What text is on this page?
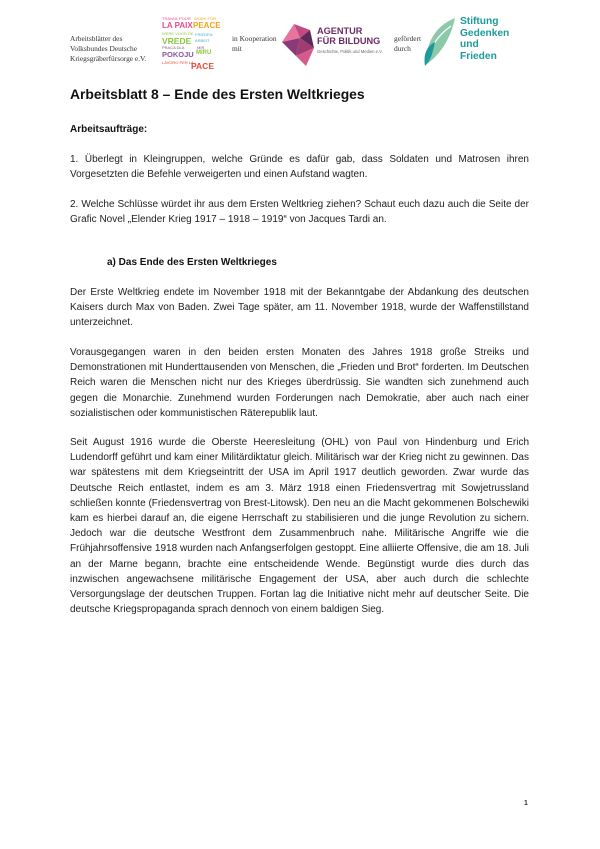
Arbeitsblätter des
Volksbundes Deutsche
Kriegsgräberfürsorge e.V.
TRAVAIL POUR
LA PAIX
WORK FOR
PEACE
WERK VOOR DE
VREDE
FRIEDEN
ARBEIT
PRACA DLA
POKOJU
MIR
MIRU
LAVORO PER LA
PACE
in Kooperation
mit
AGENTUR
FÜR BILDUNG
Geschichte, Politik und Medien e.V.
gefördert
durch
Stiftung
Gedenken
und
Frieden
Arbeitsblatt 8 – Ende des Ersten Weltkrieges

Arbeitsaufträge:

1. Überlegt in Kleingruppen, welche Gründe es dafür gab, dass Soldaten und Matrosen ihren Vorgesetzten die Befehle verweigerten und einen Aufstand wagten.

2. Welche Schlüsse würdet ihr aus dem Ersten Weltkrieg ziehen? Schaut euch dazu auch die Seite der Grafic Novel „Elender Krieg 1917 – 1918 – 1919“ von Jacques Tardi an.

a) Das Ende des Ersten Weltkrieges

Der Erste Weltkrieg endete im November 1918 mit der Bekanntgabe der Abdankung des deutschen Kaisers durch Max von Baden. Zwei Tage später, am 11. November 1918, wurde der Waffenstillstand unterzeichnet.

Vorausgegangen waren in den beiden ersten Monaten des Jahres 1918 große Streiks und Demonstrationen mit Hunderttausenden von Menschen, die „Frieden und Brot“ forderten. Im Deutschen Reich waren die Menschen nicht nur des Krieges überdrüssig. Sie wandten sich zunehmend auch gegen die Monarchie. Zunehmend wurden Forderungen nach Demokratie, aber auch nach einer sozialistischen oder kommunistischen Räterepublik laut.

Seit August 1916 wurde die Oberste Heeresleitung (OHL) von Paul von Hindenburg und Erich Ludendorff geführt und kam einer Militärdiktatur gleich. Militärisch war der Krieg nicht zu gewinnen. Das war spätestens mit dem Kriegseintritt der USA im April 1917 deutlich geworden. Zwar wurde das Deutsche Reich entlastet, indem es am 3. März 1918 einen Friedensvertrag mit Sowjetrussland schließen konnte (Friedensvertrag von Brest-Litowsk). Den neu an die Macht gekommenen Bolschewiki kam es hierbei darauf an, die eigene Herrschaft zu stabilisieren und die junge Revolution zu sichern. Jedoch war die deutsche Westfront dem Zusammenbruch nahe. Militärische Angriffe wie die Frühjahrsoffensive 1918 wurden nach Anfangserfolgen gestoppt. Eine alliierte Offensive, die am 18. Juli an der Marne begann, brachte eine entscheidende Wende. Begünstigt wurde dies durch das inzwischen angewachsene militärische Engagement der USA, aber auch durch die schlechte Versorgungslage der deutschen Truppen. Fortan lag die Initiative nicht mehr auf deutscher Seite. Die deutsche Kriegspropaganda sprach dennoch von einem baldigen Sieg.

1
